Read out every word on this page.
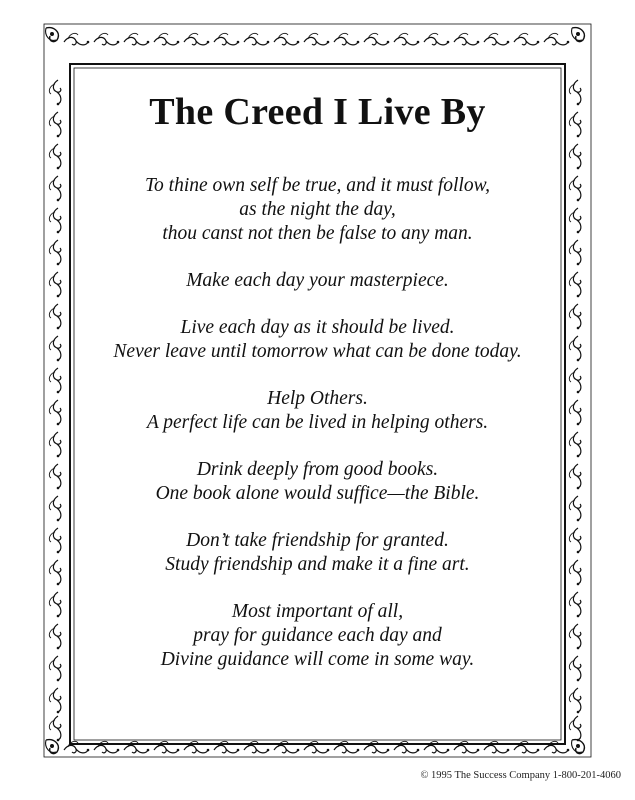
The Creed I Live By

To thine own self be true, and it must follow,
as the night the day,
thou canst not then be false to any man.

Make each day your masterpiece.

Live each day as it should be lived.
Never leave until tomorrow what can be done today.

Help Others.
A perfect life can be lived in helping others.

Drink deeply from good books.
One book alone would suffice—the Bible.

Don’t take friendship for granted.
Study friendship and make it a fine art.

Most important of all,
pray for guidance each day and
Divine guidance will come in some way.

© 1995 The Success Company 1-800-201-4060
